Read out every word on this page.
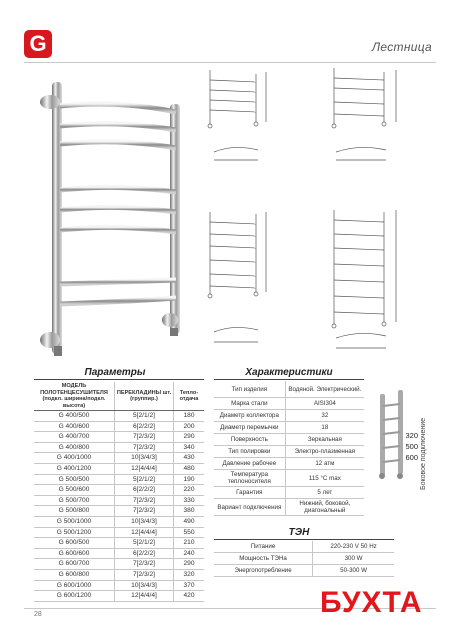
G	Лестница
Параметры
МОДЕЛЬ ПОЛОТЕНЦЕСУШИТЕЛЯ (подкл. ширина/подкл. высота)	ПЕРЕКЛАДИНЫ шт. (группир.)	Тепло-отдача
G 400/500	5[2/1/2]	180
G 400/600	6[2/2/2]	200
G 400/700	7[2/3/2]	290
G 400/800	7[2/3/2]	340
G 400/1000	10[3/4/3]	430
G 400/1200	12[4/4/4]	480
G 500/500	5[2/1/2]	190
G 500/600	6[2/2/2]	220
G 500/700	7[2/3/2]	330
G 500/800	7[2/3/2]	380
G 500/1000	10[3/4/3]	490
G 500/1200	12[4/4/4]	550
G 600/500	5[2/1/2]	210
G 600/600	6[2/2/2]	240
G 600/700	7[2/3/2]	290
G 600/800	7[2/3/2]	320
G 600/1000	10[3/4/3]	370
G 600/1200	12[4/4/4]	420
Характеристики
Тип изделия	Водяной. Электрический.
Марка стали	AISI304
Диаметр коллектора	32
Диаметр перемычки	18
Поверхность	Зеркальная
Тип полировки	Электро-плазменная
Давление рабочее	12 атм
Температура теплоносителя	115 °С max
Гарантия	5 лет
Вариант подключения	Нижний, боковой, диагональный
320
500
600 Боковое подключение
ТЭН
Питание	220-230 V 50 Hz
Мощность ТЭНа	300 W
Энергопотребление	50-300 W
28	БУХТА
